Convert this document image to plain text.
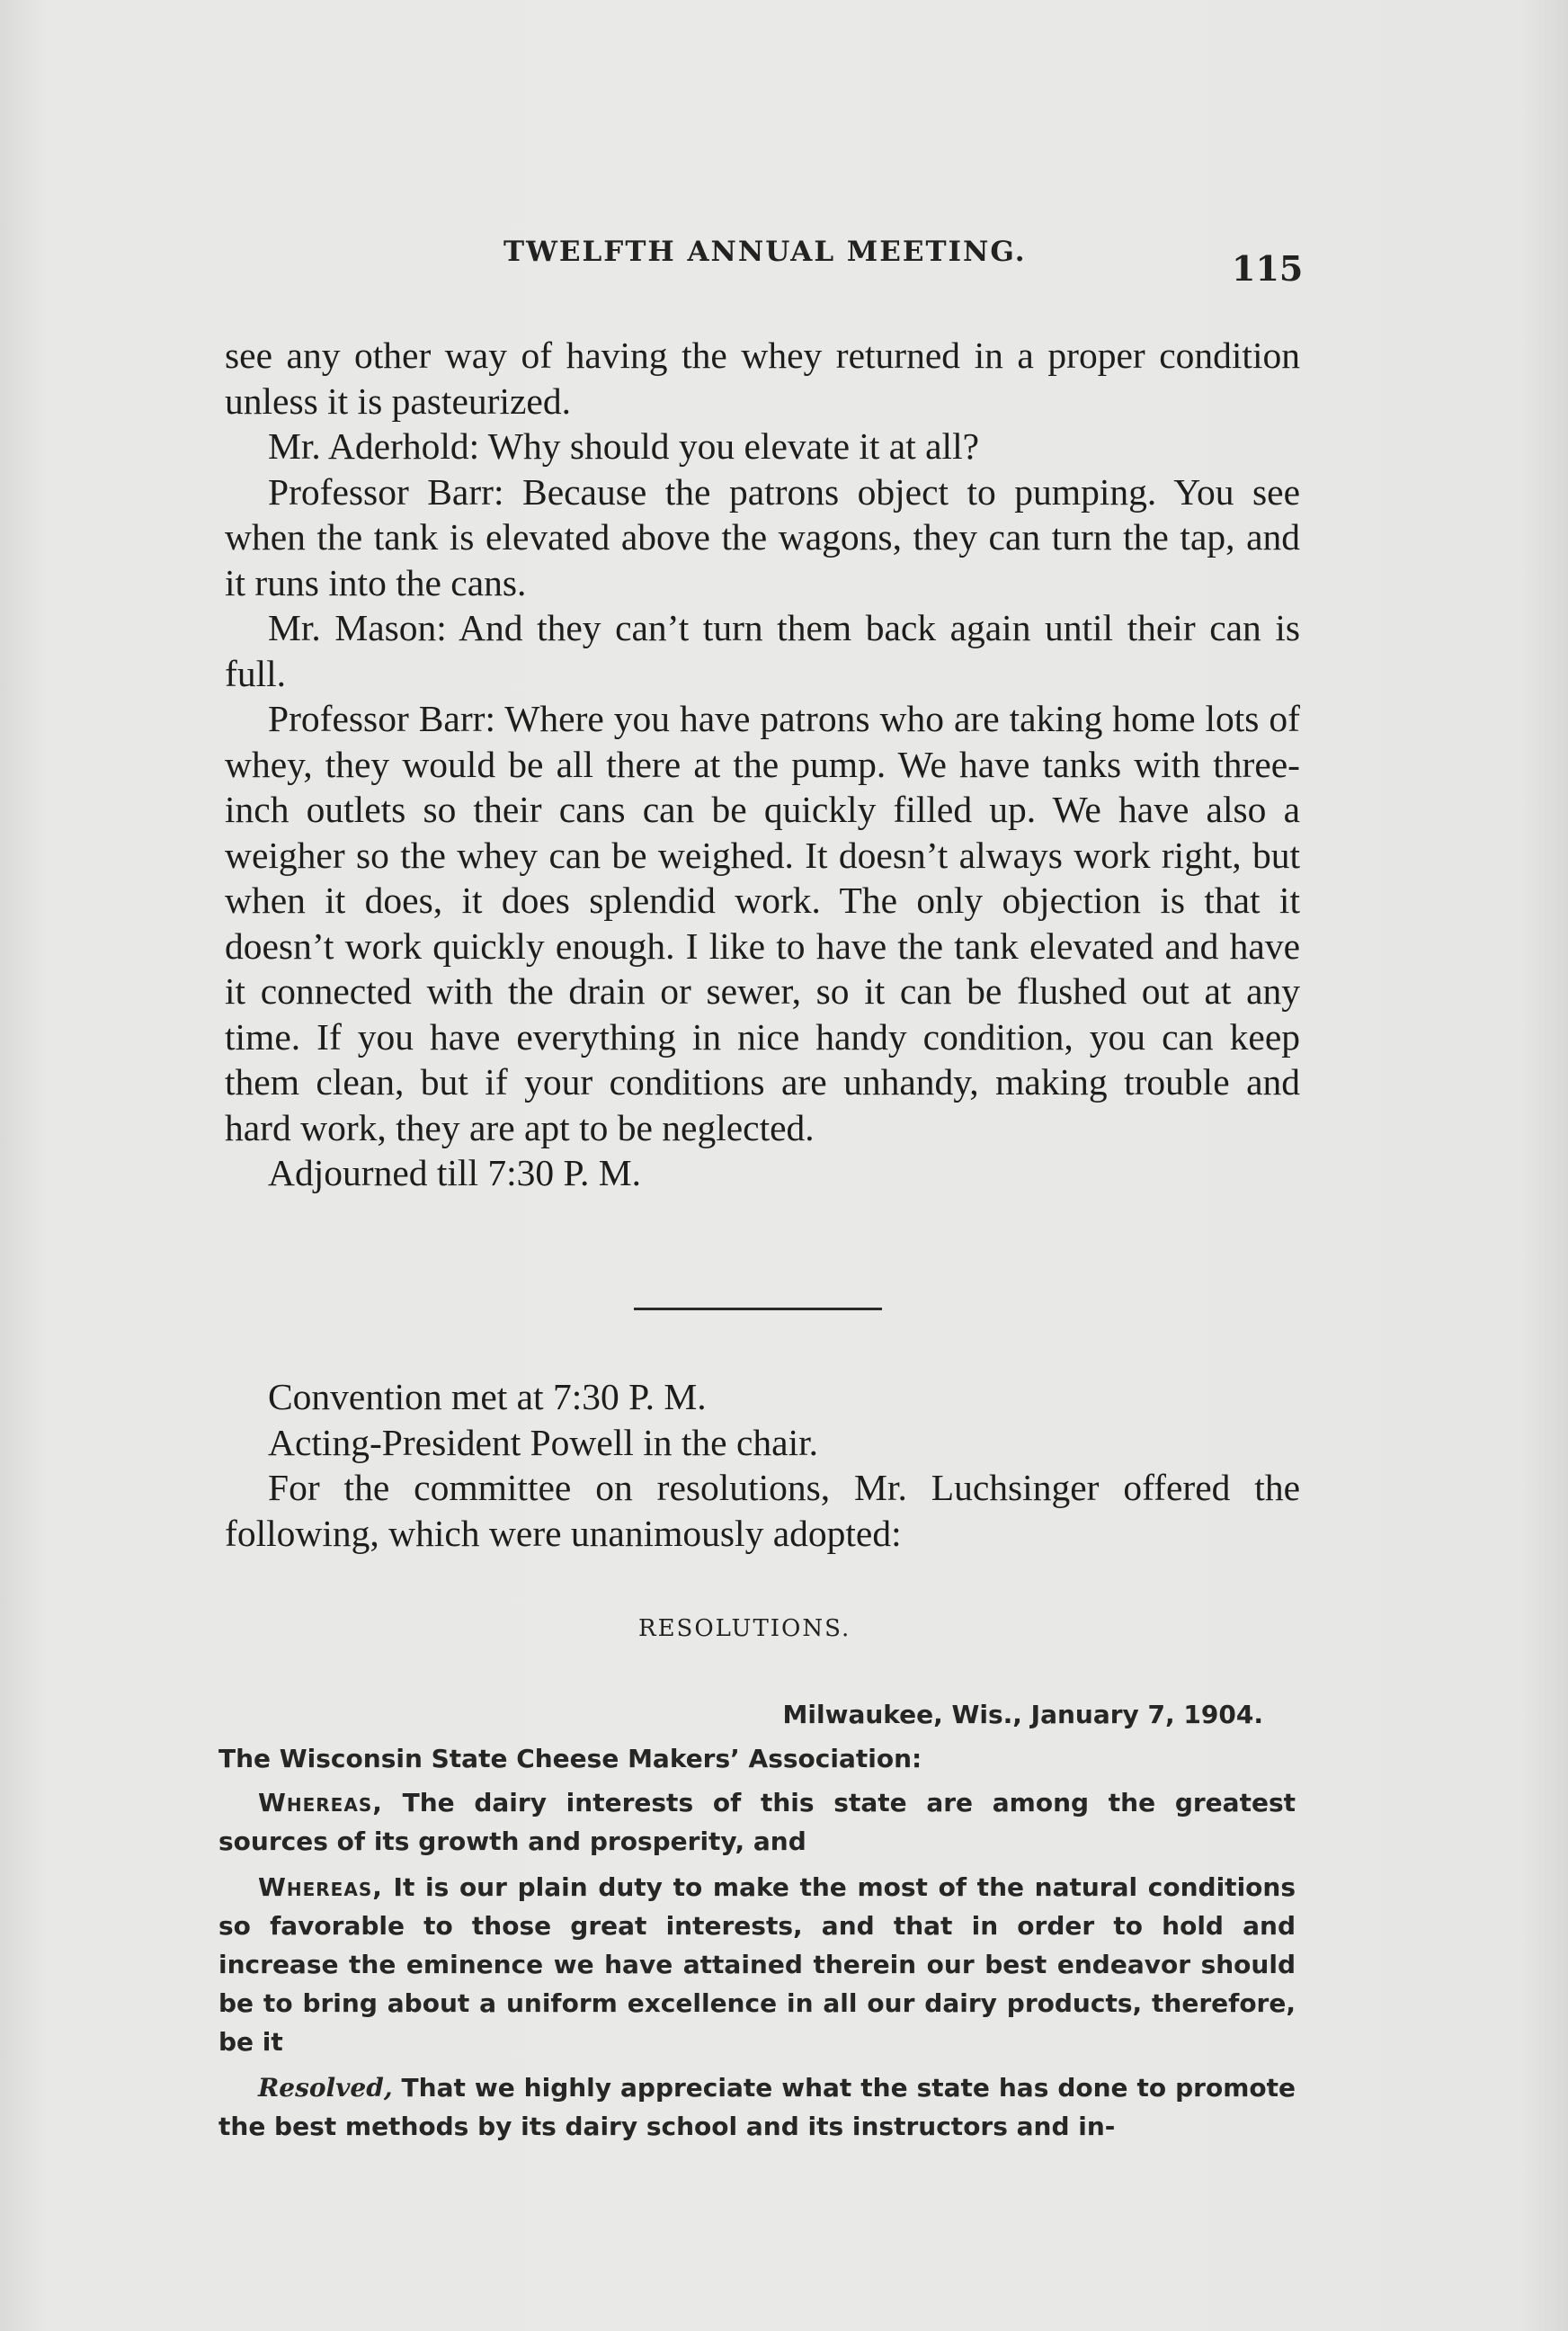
TWELFTH ANNUAL MEETING.	115

see any other way of having the whey returned in a proper condition unless it is pasteurized.

Mr. Aderhold: Why should you elevate it at all?

Professor Barr: Because the patrons object to pumping. You see when the tank is elevated above the wagons, they can turn the tap, and it runs into the cans.

Mr. Mason: And they can’t turn them back again until their can is full.

Professor Barr: Where you have patrons who are taking home lots of whey, they would be all there at the pump. We have tanks with three-inch outlets so their cans can be quickly filled up. We have also a weigher so the whey can be weighed. It doesn’t always work right, but when it does, it does splendid work. The only objection is that it doesn’t work quickly enough. I like to have the tank elevated and have it connected with the drain or sewer, so it can be flushed out at any time. If you have everything in nice handy condition, you can keep them clean, but if your conditions are unhandy, making trouble and hard work, they are apt to be neglected.

Adjourned till 7:30 P. M.

Convention met at 7:30 P. M.

Acting-President Powell in the chair.

For the committee on resolutions, Mr. Luchsinger offered the following, which were unanimously adopted:

RESOLUTIONS.

Milwaukee, Wis., January 7, 1904.

The Wisconsin State Cheese Makers’ Association:

Whereas, The dairy interests of this state are among the greatest sources of its growth and prosperity, and

Whereas, It is our plain duty to make the most of the natural conditions so favorable to those great interests, and that in order to hold and increase the eminence we have attained therein our best endeavor should be to bring about a uniform excellence in all our dairy products, therefore, be it

Resolved, That we highly appreciate what the state has done to promote the best methods by its dairy school and its instructors and in-
